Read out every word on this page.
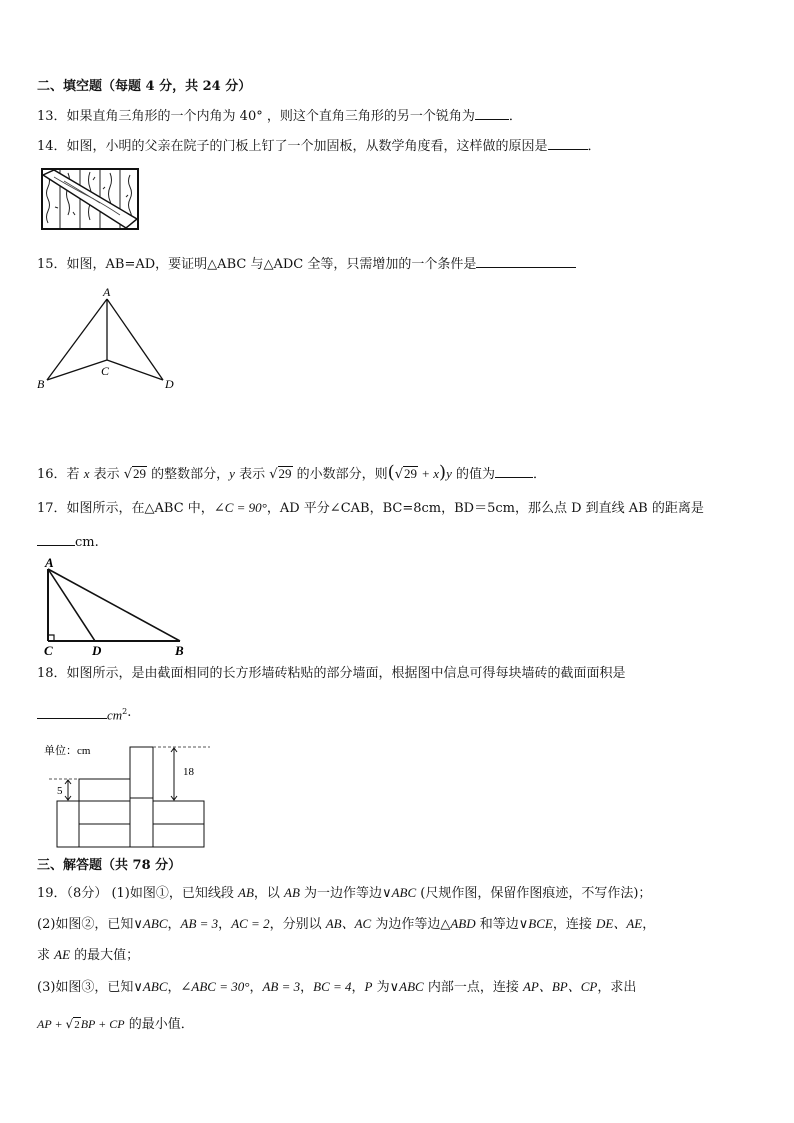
二、填空题（每题 4 分，共 24 分）
13．如果直角三角形的一个内角为 40° ，则这个直角三角形的另一个锐角为	．
14．如图，小明的父亲在院子的门板上钉了一个加固板，从数学角度看，这样做的原因是	．
15．如图，AB=AD，要证明△ABC 与△ADC 全等，只需增加的一个条件是
A
B
C
D
16．若 x 表示 √29 的整数部分，y 表示 √29 的小数部分，则(√29 + x)y 的值为	．
17．如图所示，在△ABC 中，∠C = 90°，AD 平分∠CAB，BC=8cm，BD＝5cm，那么点 D 到直线 AB 的距离是
cm.
A
C	D	B
18．如图所示，是由截面相同的长方形墙砖粘贴的部分墙面，根据图中信息可得每块墙砖的截面面积是
$cm^2\cdot$
单位：cm
18
5
三、解答题（共 78 分）
19．（8分） (1)如图①，已知线段 AB，以 AB 为一边作等边∨ABC (尺规作图，保留作图痕迹，不写作法)；
(2)如图②，已知∨ABC，AB = 3，AC = 2，分别以 AB、AC 为边作等边△ABD 和等边∨BCE，连接 DE、AE，
求 AE 的最大值；
(3)如图③，已知∨ABC，∠ABC = 30°，AB = 3，BC = 4，P 为∨ABC 内部一点，连接 AP、BP、CP，求出
AP + √2BP + CP 的最小值．
